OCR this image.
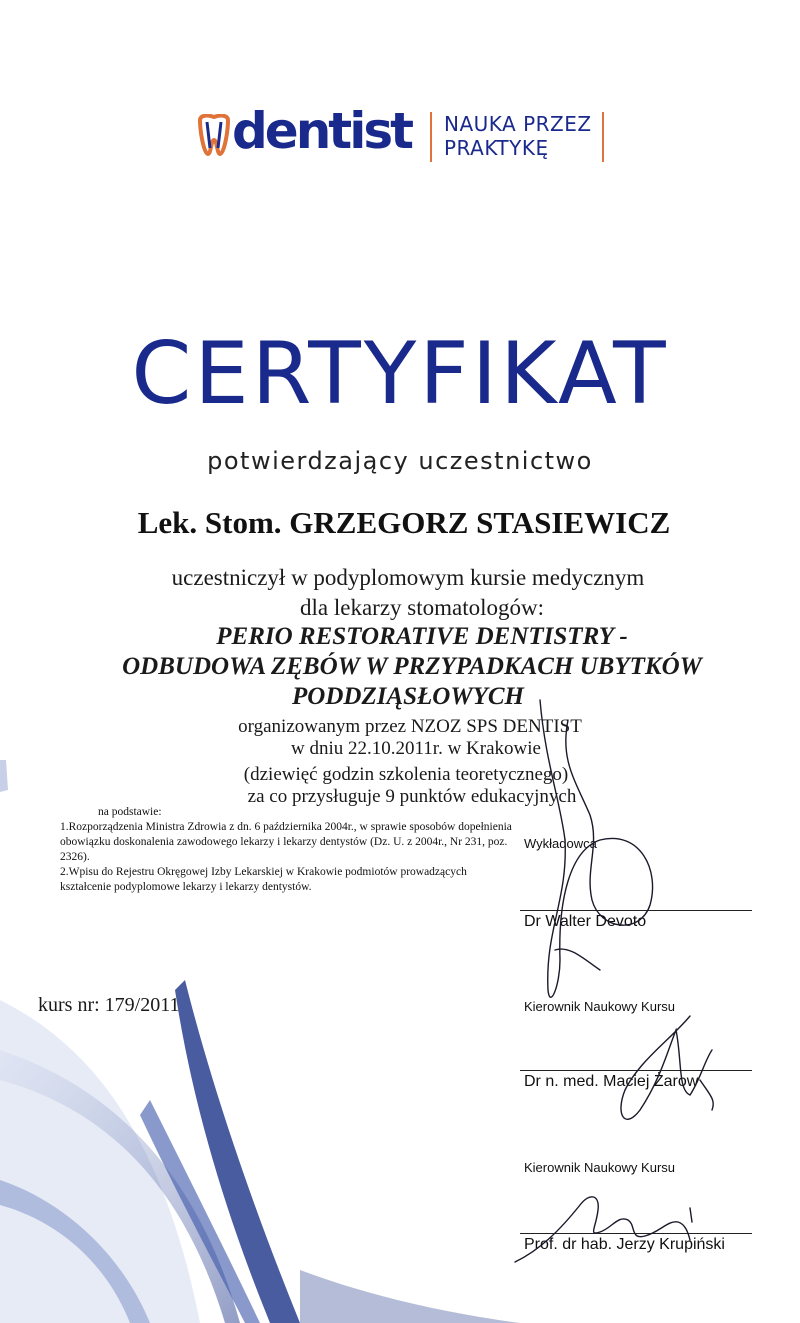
dentist NAUKA PRZEZ
PRAKTYKĘ
CERTYFIKAT
potwierdzający uczestnictwo
Lek. Stom. GRZEGORZ STASIEWICZ
uczestniczył w podyplomowym kursie medycznym
dla lekarzy stomatologów:
PERIO RESTORATIVE DENTISTRY -
ODBUDOWA ZĘBÓW W PRZYPADKACH UBYTKÓW
PODDZIĄSŁOWYCH
organizowanym przez NZOZ SPS DENTIST
w dniu 22.10.2011r. w Krakowie
(dziewięć godzin szkolenia teoretycznego)
za co przysługuje 9 punktów edukacyjnych
na podstawie:
1.Rozporządzenia Ministra Zdrowia z dn. 6 października 2004r., w sprawie sposobów dopełnienia obowiązku doskonalenia zawodowego lekarzy i lekarzy dentystów (Dz. U. z 2004r., Nr 231, poz. 2326).
2.Wpisu do Rejestru Okręgowej Izby Lekarskiej w Krakowie podmiotów prowadzących kształcenie podyplomowe lekarzy i lekarzy dentystów.
kurs nr: 179/2011
Wykładowca
Dr Walter Devoto
Kierownik Naukowy Kursu
Dr n. med. Maciej Żarow
Kierownik Naukowy Kursu
Prof. dr hab. Jerzy Krupiński
